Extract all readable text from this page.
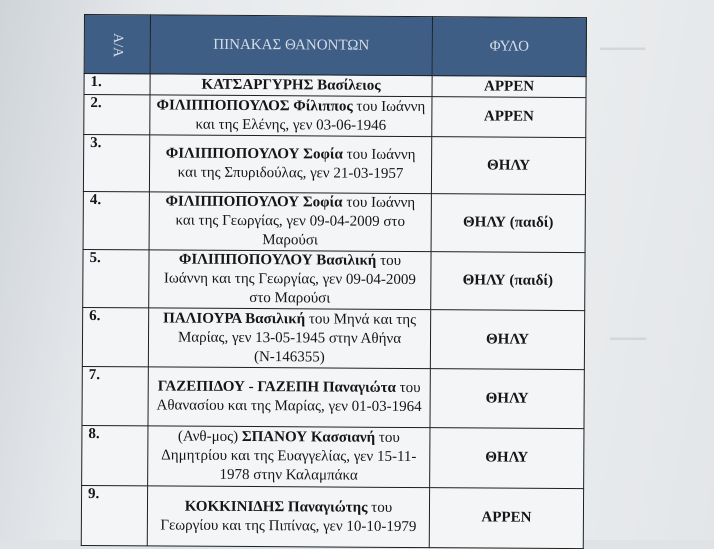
━━━━━
━━━━
Α/Α	ΠΙΝΑΚΑΣ ΘΑΝΟΝΤΩΝ	ΦΥΛΟ
1.	ΚΑΤΣΑΡΓΥΡΗΣ Βασίλειος	ΑΡΡΕΝ
2.	ΦΙΛΙΠΠΟΠΟΥΛΟΣ Φίλιππος του Ιωάννη και της Ελένης, γεν 03-06-1946	ΑΡΡΕΝ
3.	ΦΙΛΙΠΠΟΠΟΥΛΟΥ Σοφία του Ιωάννη και της Σπυριδούλας, γεν 21-03-1957	ΘΗΛΥ
4.	ΦΙΛΙΠΠΟΠΟΥΛΟΥ Σοφία του Ιωάννη και της Γεωργίας, γεν 09-04-2009 στο Μαρούσι	ΘΗΛΥ (παιδί)
5.	ΦΙΛΙΠΠΟΠΟΥΛΟΥ Βασιλική του Ιωάννη και της Γεωργίας, γεν 09-04-2009 στο Μαρούσι	ΘΗΛΥ (παιδί)
6.	ΠΑΛΙΟΥΡΑ Βασιλική του Μηνά και της Μαρίας, γεν 13-05-1945 στην Αθήνα (Ν-146355)	ΘΗΛΥ
7.	ΓΑΖΕΠΙΔΟΥ - ΓΑΖΕΠΗ Παναγιώτα του Αθανασίου και της Μαρίας, γεν 01-03-1964	ΘΗΛΥ
8.	(Ανθ-μος) ΣΠΑΝΟΥ Κασσιανή του Δημητρίου και της Ευαγγελίας, γεν 15-11-1978 στην Καλαμπάκα	ΘΗΛΥ
9.	ΚΟΚΚΙΝΙΔΗΣ Παναγιώτης του Γεωργίου και της Πιπίνας, γεν 10-10-1979	ΑΡΡΕΝ
